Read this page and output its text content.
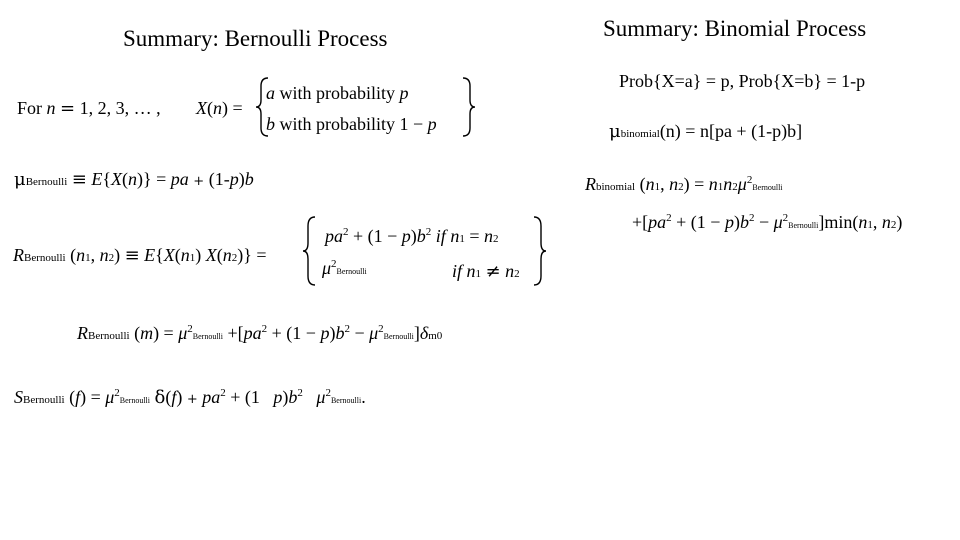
Summary: Bernoulli Process
For n = 1, 2, 3, … , X(n) =
a with probability p
b with probability 1 − p
μBernoulli ≡ E{X(n)} = pa + (1-p)b
RBernoulli (n1, n2) ≡ E{X(n1) X(n2)} =
$pa^2 + (1 - p)b^2$ if n1 = n2
$\mu^2Bernoulli$	if n1 ≠ n2
RBernoulli $(m) = \mu^2Bernoulli +[pa^2 + (1 - p)b^2$ − $\mu^2Bernoulli]\delta m0$
SBernoulli $(f) = \mu^2Bernoulli$ $\delta(f) + pa^2 + (1$   $p)b^2$ $\mu^2Bernoulli$.
Summary: Binomial Process
Prob{X=a} = p, Prob{X=b} = 1-p
μbinomial(n) = n[pa + (1-p)b]
Rbinomial (n1, $n2) = n1n2\mu^2Bernoulli$
$+[pa^2 + (1 - p)b^2$ − $\mu^2Bernoulli]\min(n1$, n2)
